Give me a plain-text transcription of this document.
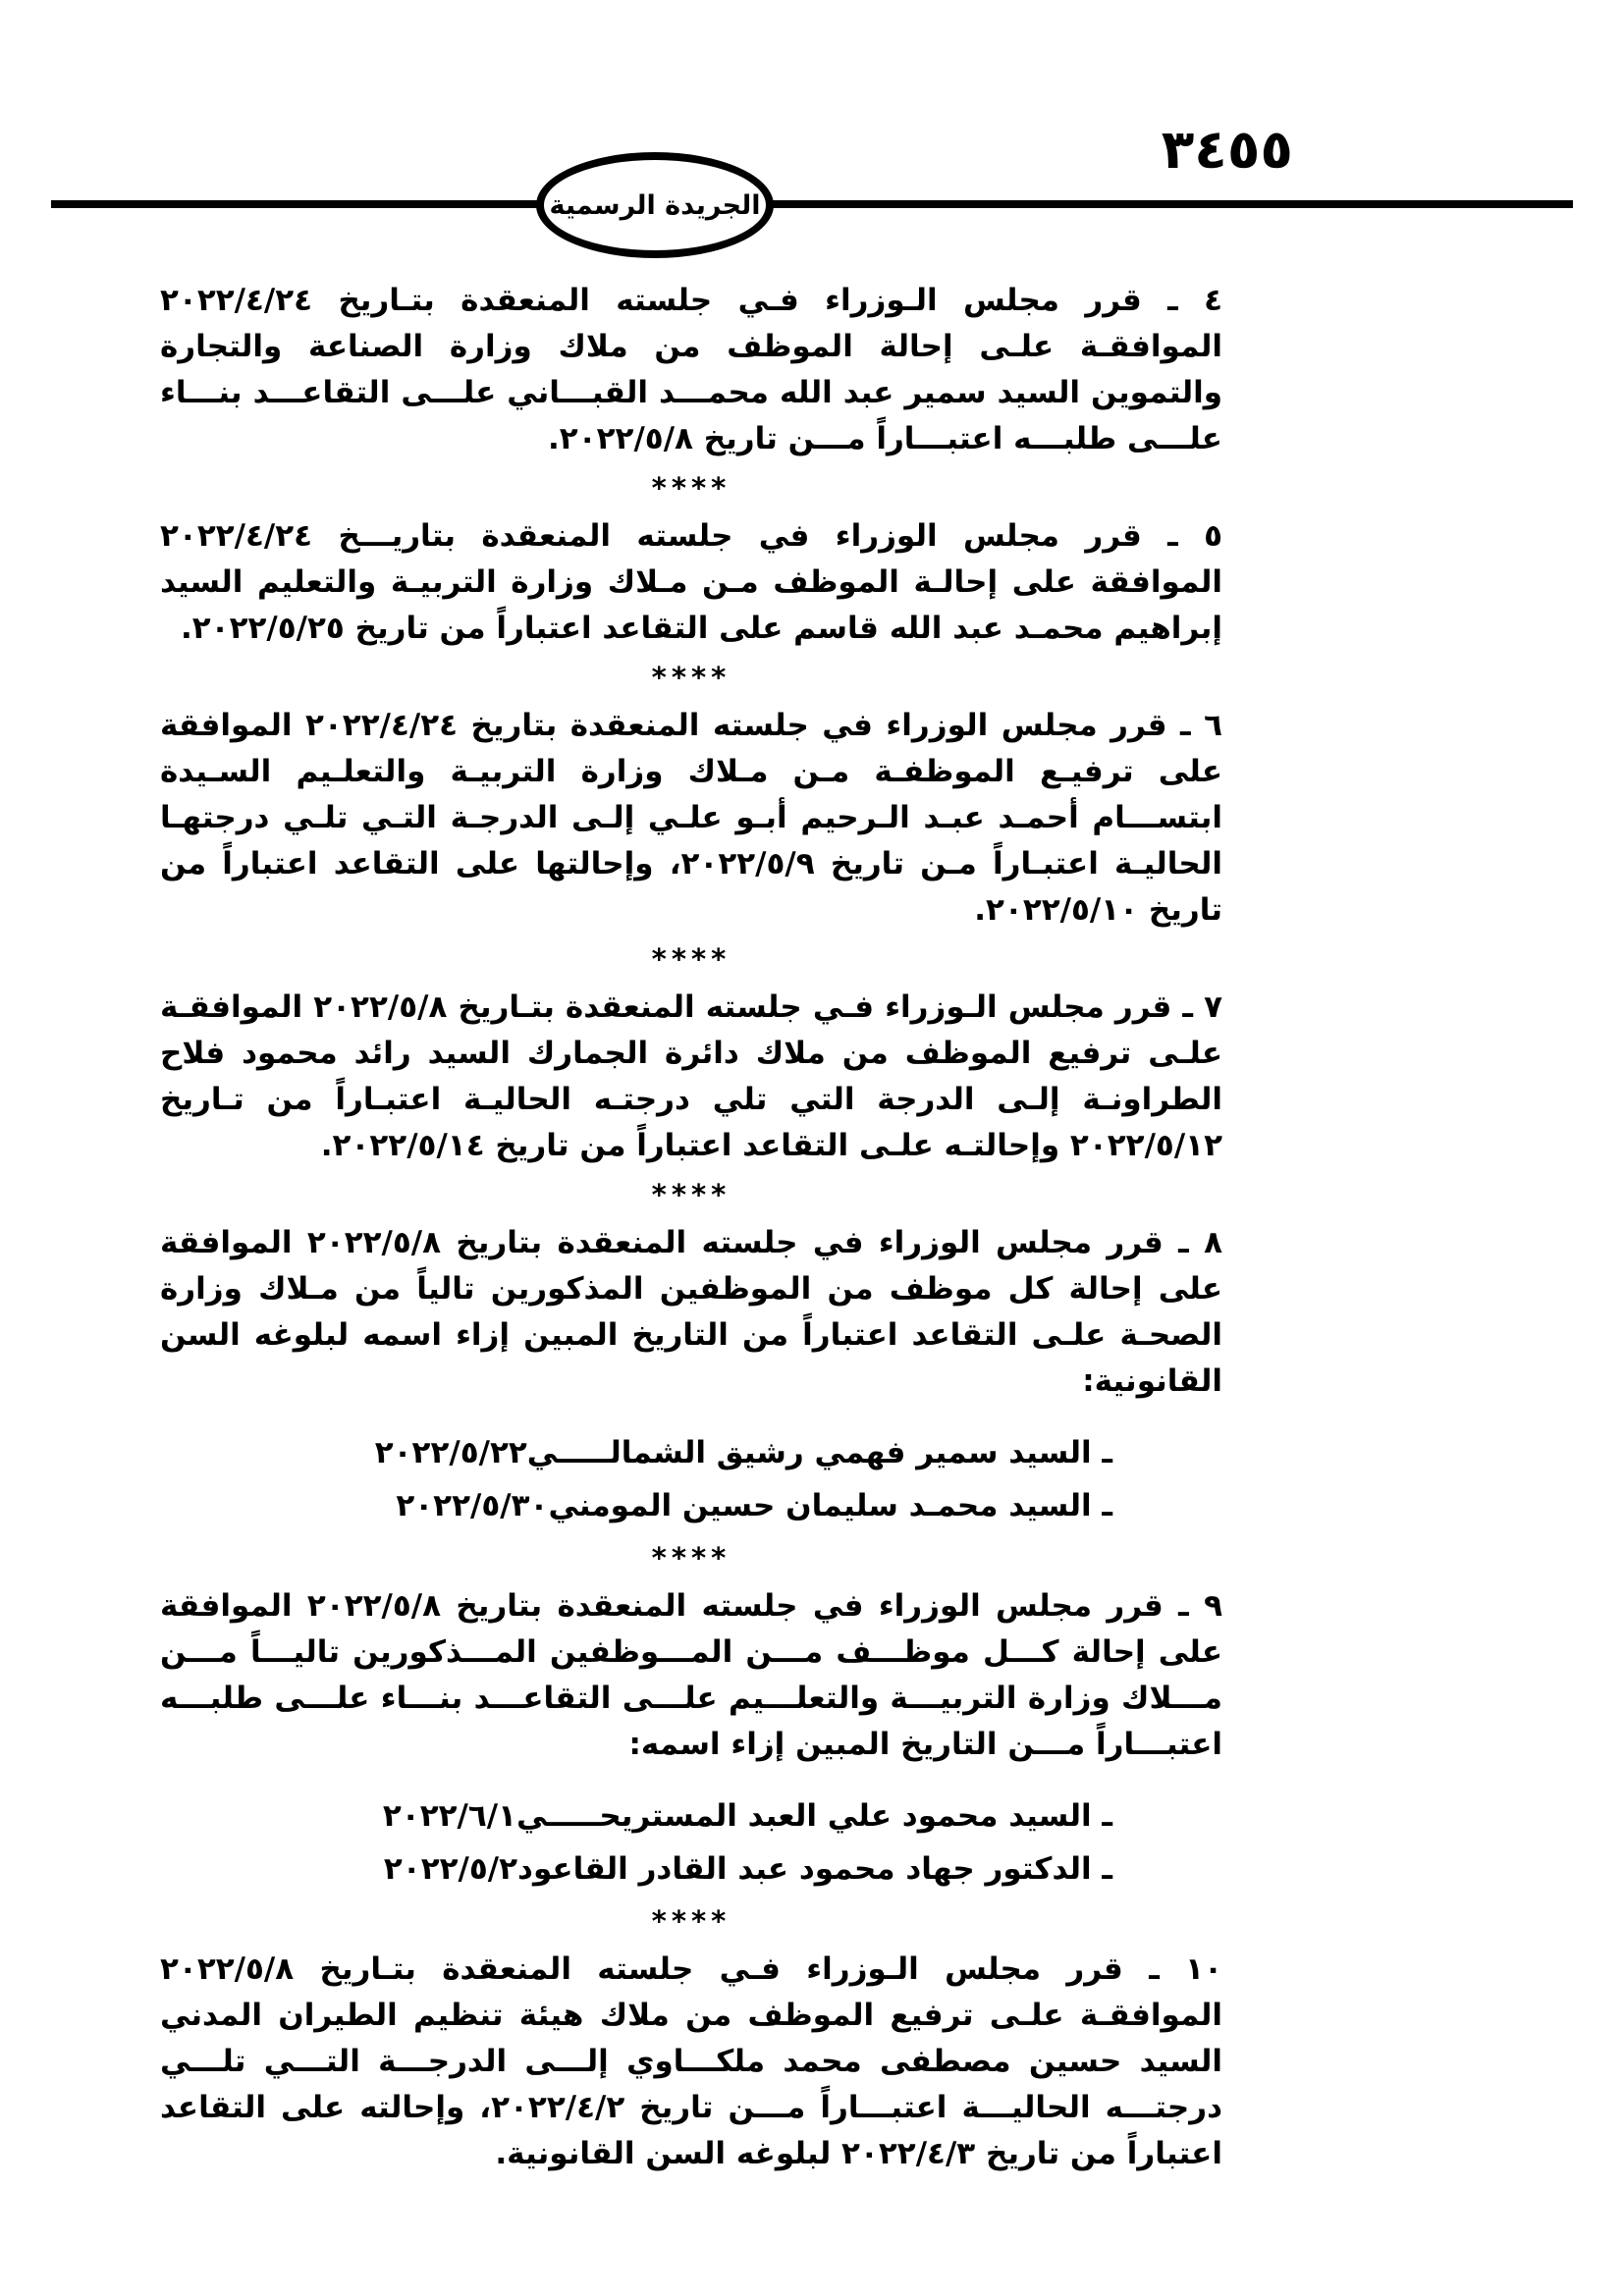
٣٤٥٥
الجريدة الرسمية

٤ ـ قرر مجلس الـوزراء فـي جلسته المنعقدة بتـاريخ ٢٠٢٢/٤/٢٤ الموافقـة علـى إحالة الموظف من ملاك وزارة الصناعة والتجارة والتموين السيد سمير عبد الله محمـــد القبـــاني علـــى التقاعـــد بنـــاء علـــى طلبـــه اعتبـــاراً مـــن تاريخ ٢٠٢٢/٥/٨.

****

٥ ـ قرر مجلس الوزراء في جلسته المنعقدة بتاريـــخ ٢٠٢٢/٤/٢٤ الموافقة على إحالـة الموظف مـن مـلاك وزارة التربيـة والتعليم السيد إبراهيم محمـد عبد الله قاسم على التقاعد اعتباراً من تاريخ ٢٠٢٢/٥/٢٥.

****

٦ ـ قرر مجلس الوزراء في جلسته المنعقدة بتاريخ ٢٠٢٢/٤/٢٤ الموافقة على ترفيـع الموظفـة مـن مـلاك وزارة التربيـة والتعلـيم السـيدة ابتســـام أحمـد عبـد الـرحيم أبـو علـي إلـى الدرجـة التـي تلـي درجتهـا الحاليـة اعتبـاراً مـن تاريخ ٢٠٢٢/٥/٩، وإحالتها على التقاعد اعتباراً من تاريخ ٢٠٢٢/٥/١٠.

****

٧ ـ قرر مجلس الـوزراء فـي جلسته المنعقدة بتـاريخ ٢٠٢٢/٥/٨ الموافقـة علـى ترفيع الموظف من ملاك دائرة الجمارك السيد رائد محمود فلاح الطراونـة إلـى الدرجة التي تلي درجتـه الحاليـة اعتبـاراً من تـاريخ ٢٠٢٢/٥/١٢ وإحالتـه علـى التقاعد اعتباراً من تاريخ ٢٠٢٢/٥/١٤.

****

٨ ـ قرر مجلس الوزراء في جلسته المنعقدة بتاريخ ٢٠٢٢/٥/٨ الموافقة على إحالة كل موظف من الموظفين المذكورين تالياً من مـلاك وزارة الصحـة علـى التقاعد اعتباراً من التاريخ المبين إزاء اسمه لبلوغه السن القانونية:

ـ السيد سمير فهمي رشيق الشمالـــــي
٢٠٢٢/٥/٢٢
ـ السيد محمـد سليمان حسين المومني
٢٠٢٢/٥/٣٠
****

٩ ـ قرر مجلس الوزراء في جلسته المنعقدة بتاريخ ٢٠٢٢/٥/٨ الموافقة على إحالة كـــل موظـــف مـــن المـــوظفين المـــذكورين تاليـــاً مـــن مـــلاك وزارة التربيـــة والتعلـــيم علـــى التقاعـــد بنـــاء علـــى طلبـــه اعتبـــاراً مـــن التاريخ المبين إزاء اسمه:

ـ السيد محمود علي العبد المستريحـــــي
٢٠٢٢/٦/١
ـ الدكتور جهاد محمود عبد القادر القاعود
٢٠٢٢/٥/٢
****

١٠ ـ قرر مجلس الـوزراء فـي جلسته المنعقدة بتـاريخ ٢٠٢٢/٥/٨ الموافقـة علـى ترفيع الموظف من ملاك هيئة تنظيم الطيران المدني السيد حسين مصطفى محمد ملكـــاوي إلـــى الدرجـــة التـــي تلـــي درجتـــه الحاليـــة اعتبـــاراً مـــن تاريخ ٢٠٢٢/٤/٢، وإحالته على التقاعد اعتباراً من تاريخ ٢٠٢٢/٤/٣ لبلوغه السن القانونية.
